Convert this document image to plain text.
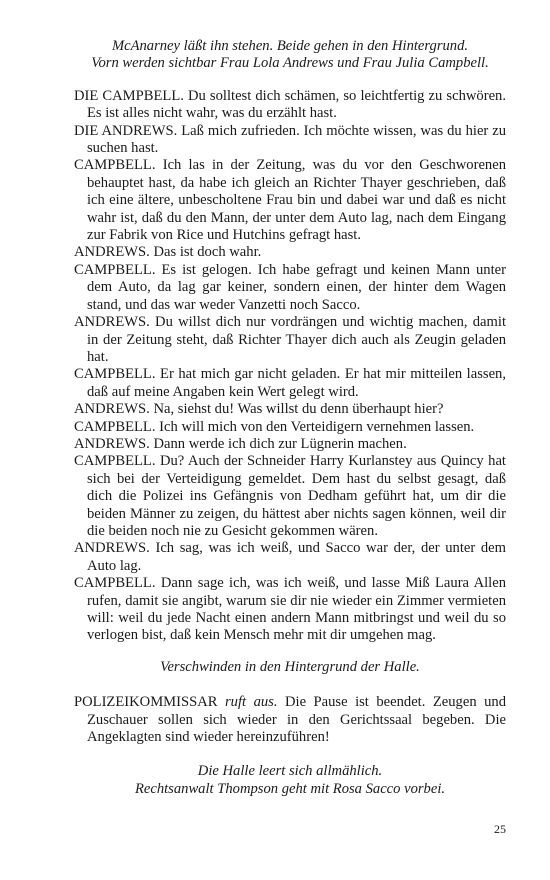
McAnarney läßt ihn stehen. Beide gehen in den Hintergrund.
Vorn werden sichtbar Frau Lola Andrews und Frau Julia Campbell.

DIE CAMPBELL. Du solltest dich schämen, so leichtfertig zu schwören. Es ist alles nicht wahr, was du erzählt hast.

DIE ANDREWS. Laß mich zufrieden. Ich möchte wissen, was du hier zu suchen hast.

CAMPBELL. Ich las in der Zeitung, was du vor den Geschworenen behauptet hast, da habe ich gleich an Richter Thayer geschrieben, daß ich eine ältere, unbescholtene Frau bin und dabei war und daß es nicht wahr ist, daß du den Mann, der unter dem Auto lag, nach dem Eingang zur Fabrik von Rice und Hutchins gefragt hast.

ANDREWS. Das ist doch wahr.

CAMPBELL. Es ist gelogen. Ich habe gefragt und keinen Mann unter dem Auto, da lag gar keiner, sondern einen, der hinter dem Wagen stand, und das war weder Vanzetti noch Sacco.

ANDREWS. Du willst dich nur vordrängen und wichtig machen, damit in der Zeitung steht, daß Richter Thayer dich auch als Zeugin geladen hat.

CAMPBELL. Er hat mich gar nicht geladen. Er hat mir mitteilen lassen, daß auf meine Angaben kein Wert gelegt wird.

ANDREWS. Na, siehst du! Was willst du denn überhaupt hier?

CAMPBELL. Ich will mich von den Verteidigern vernehmen lassen.

ANDREWS. Dann werde ich dich zur Lügnerin machen.

CAMPBELL. Du? Auch der Schneider Harry Kurlanstey aus Quincy hat sich bei der Verteidigung gemeldet. Dem hast du selbst gesagt, daß dich die Polizei ins Gefängnis von Dedham geführt hat, um dir die beiden Männer zu zeigen, du hättest aber nichts sagen können, weil dir die beiden noch nie zu Gesicht gekommen wären.

ANDREWS. Ich sag, was ich weiß, und Sacco war der, der unter dem Auto lag.

CAMPBELL. Dann sage ich, was ich weiß, und lasse Miß Laura Allen rufen, damit sie angibt, warum sie dir nie wieder ein Zimmer vermieten will: weil du jede Nacht einen andern Mann mitbringst und weil du so verlogen bist, daß kein Mensch mehr mit dir umgehen mag.

Verschwinden in den Hintergrund der Halle.

POLIZEIKOMMISSAR ruft aus. Die Pause ist beendet. Zeugen und Zuschauer sollen sich wieder in den Gerichtssaal begeben. Die Angeklagten sind wieder hereinzuführen!

Die Halle leert sich allmählich.
Rechtsanwalt Thompson geht mit Rosa Sacco vorbei.
25
